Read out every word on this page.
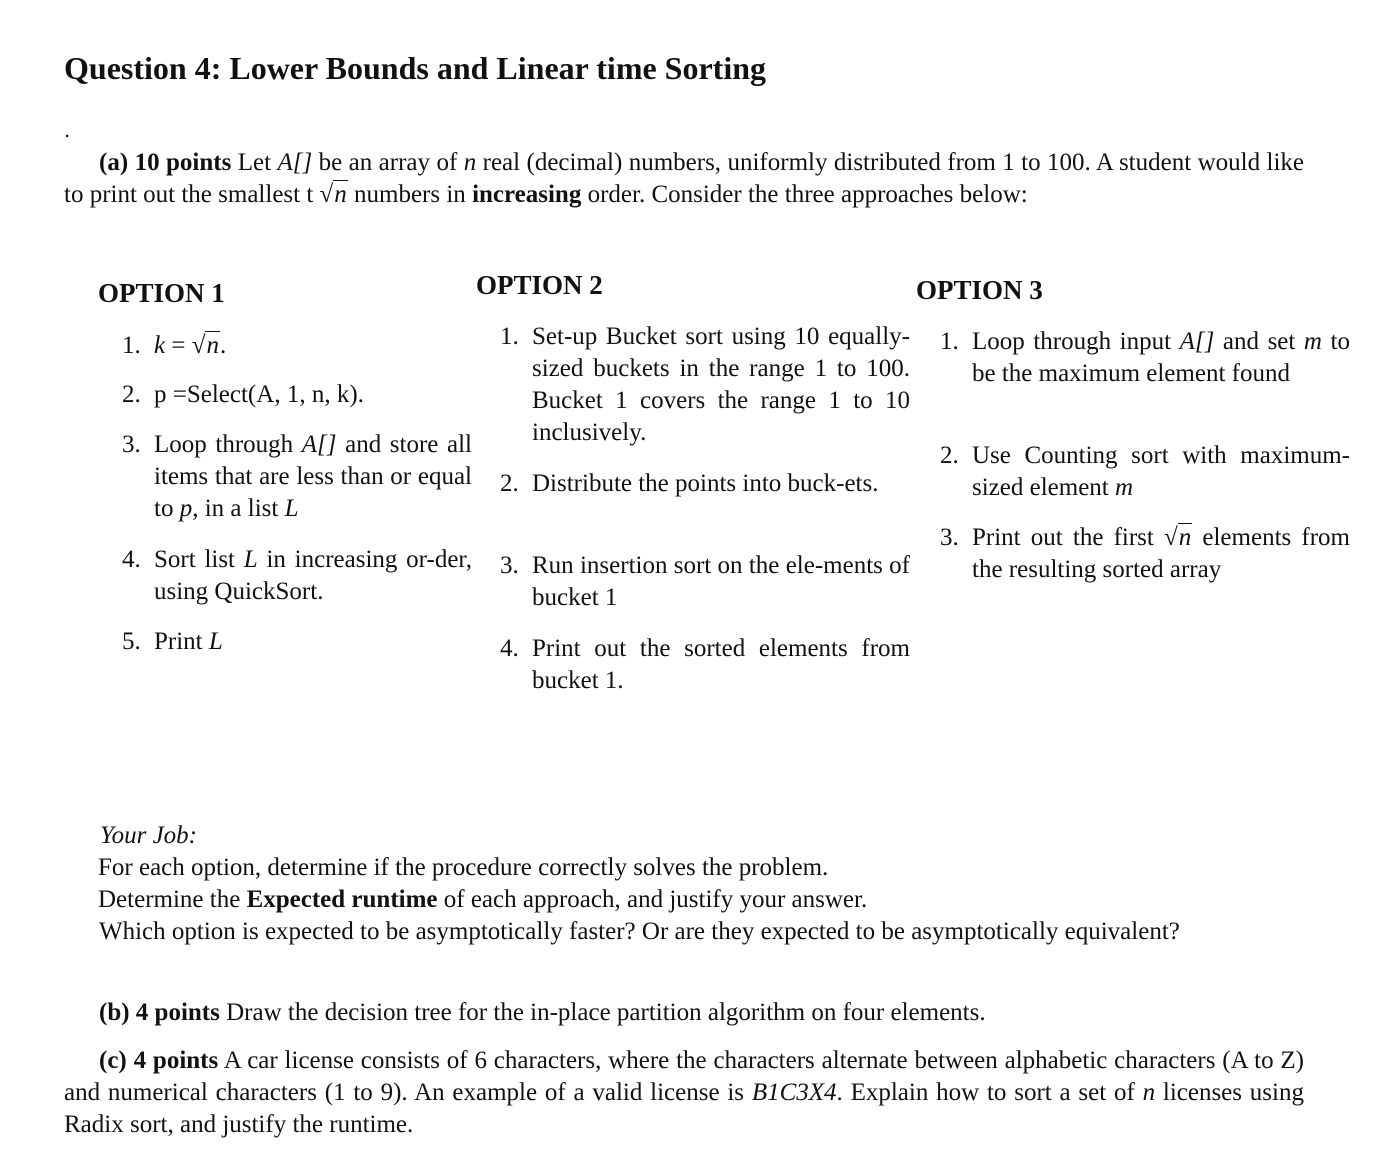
Question 4: Lower Bounds and Linear time Sorting
.
(a) 10 points Let A[] be an array of n real (decimal) numbers, uniformly distributed from 1 to 100. A student would like to print out the smallest t √n numbers in increasing order. Consider the three approaches below:
OPTION 1	OPTION 2	OPTION 3
1. k = √n.
2. p =Select(A, 1, n, k).
3. Loop through A[] and store all items that are less than or equal to p, in a list L
4. Sort list L in increasing or-der, using QuickSort.
5. Print L
1. Set-up Bucket sort using 10 equally-sized buckets in the range 1 to 100. Bucket 1 covers the range 1 to 10 inclusively.
2. Distribute the points into buck-ets.
3. Run insertion sort on the ele-ments of bucket 1
4. Print out the sorted elements from bucket 1.
1. Loop through input A[] and set m to be the maximum element found
2. Use Counting sort with maximum-sized element m
3. Print out the first √n elements from the resulting sorted array
Your Job:
For each option, determine if the procedure correctly solves the problem.
Determine the Expected runtime of each approach, and justify your answer.
Which option is expected to be asymptotically faster? Or are they expected to be asymptotically equivalent?
(b) 4 points Draw the decision tree for the in-place partition algorithm on four elements.
(c) 4 points A car license consists of 6 characters, where the characters alternate between alphabetic characters (A to Z) and numerical characters (1 to 9). An example of a valid license is B1C3X4. Explain how to sort a set of n licenses using Radix sort, and justify the runtime.
